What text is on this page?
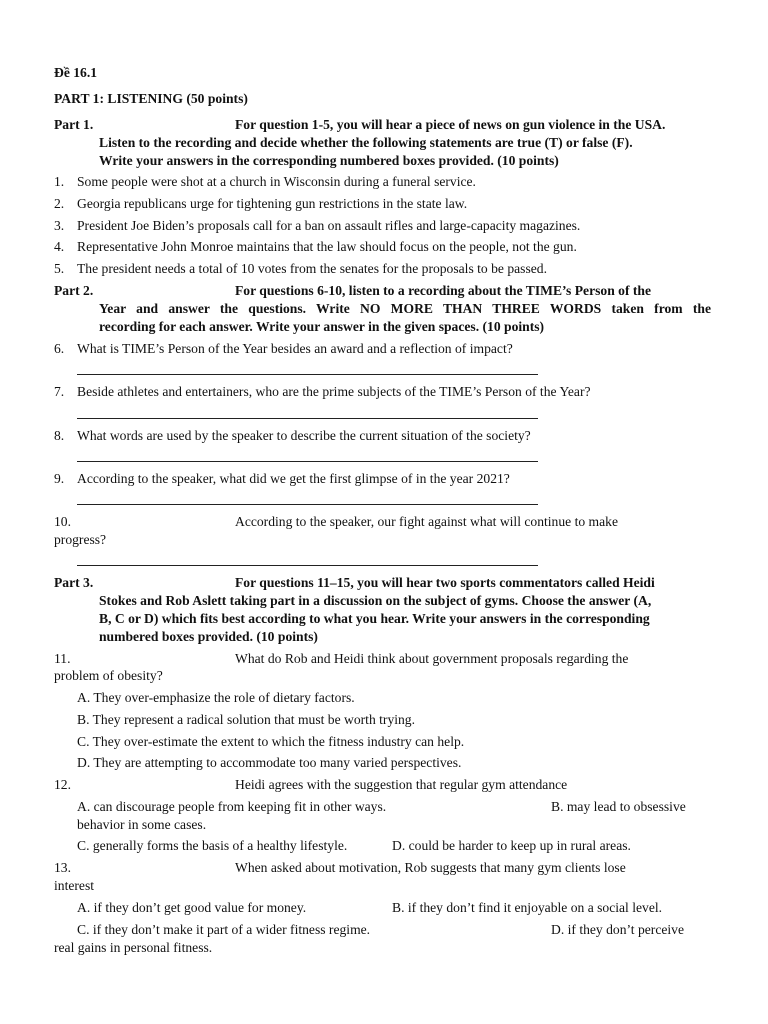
Đề 16.1
PART 1: LISTENING (50 points)
Part 1.	For question 1-5, you will hear a piece of news on gun violence in the USA.
Listen to the recording and decide whether the following statements are true (T) or false (F).
Write your answers in the corresponding numbered boxes provided. (10 points)
1. Some people were shot at a church in Wisconsin during a funeral service.
2. Georgia republicans urge for tightening gun restrictions in the state law.
3. President Joe Biden’s proposals call for a ban on assault rifles and large-capacity magazines.
4. Representative John Monroe maintains that the law should focus on the people, not the gun.
5. The president needs a total of 10 votes from the senates for the proposals to be passed.
Part 2.	For questions 6-10, listen to a recording about the TIME’s Person of the
Year and answer the questions. Write NO MORE THAN THREE WORDS taken from the
recording for each answer. Write your answer in the given spaces. (10 points)
6. What is TIME’s Person of the Year besides an award and a reflection of impact?
7. Beside athletes and entertainers, who are the prime subjects of the TIME’s Person of the Year?
8. What words are used by the speaker to describe the current situation of the society?
9. According to the speaker, what did we get the first glimpse of in the year 2021?
10.	According to the speaker, our fight against what will continue to make
progress?
Part 3.	For questions 11–15, you will hear two sports commentators called Heidi
Stokes and Rob Aslett taking part in a discussion on the subject of gyms. Choose the answer (A,
B, C or D) which fits best according to what you hear. Write your answers in the corresponding
numbered boxes provided. (10 points)
11.	What do Rob and Heidi think about government proposals regarding the
problem of obesity?
A. They over-emphasize the role of dietary factors.
B. They represent a radical solution that must be worth trying.
C. They over-estimate the extent to which the fitness industry can help.
D. They are attempting to accommodate too many varied perspectives.
12.	Heidi agrees with the suggestion that regular gym attendance
A. can discourage people from keeping fit in other ways.	B. may lead to obsessive
behavior in some cases.
C. generally forms the basis of a healthy lifestyle.	D. could be harder to keep up in rural areas.
13.	When asked about motivation, Rob suggests that many gym clients lose
interest
A. if they don’t get good value for money.	B. if they don’t find it enjoyable on a social level.
C. if they don’t make it part of a wider fitness regime.	D. if they don’t perceive
real gains in personal fitness.
